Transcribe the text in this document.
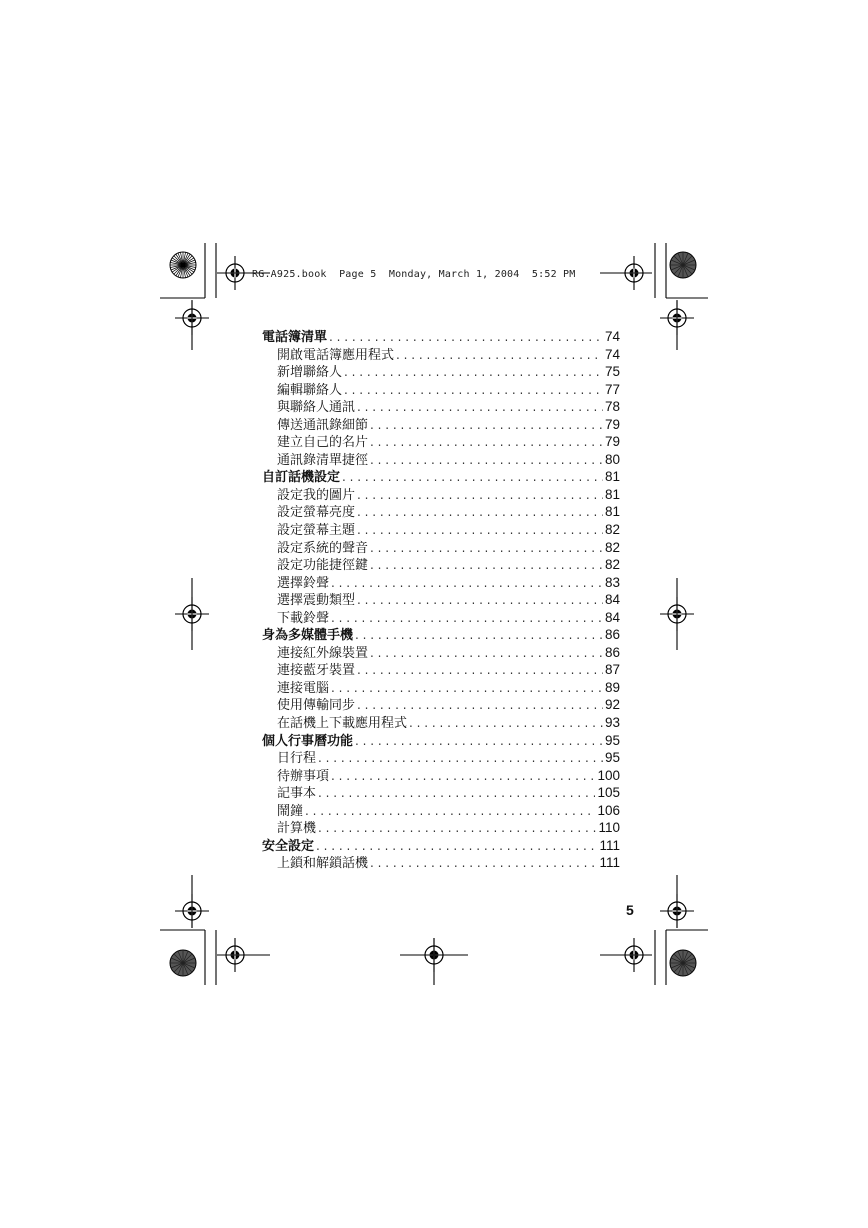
RG.A925.book  Page 5  Monday, March 1, 2004  5:52 PM
電話簿清單 . . .	74
開啟電話簿應用程式 . . .	74
新增聯絡人 . . .	75
編輯聯絡人 . . .	77
與聯絡人通訊 . . .	78
傳送通訊錄細節 . . .	79
建立自己的名片 . . .	79
通訊錄清單捷徑 . . .	80
自訂話機設定 . . .	81
設定我的圖片 . . .	81
設定螢幕亮度 . . .	81
設定螢幕主題 . . .	82
設定系統的聲音 . . .	82
設定功能捷徑鍵 . . .	82
選擇鈴聲 . . .	83
選擇震動類型 . . .	84
下載鈴聲 . . .	84
身為多媒體手機 . . .	86
連接紅外線裝置 . . .	86
連接藍牙裝置 . . .	87
連接電腦 . . .	89
使用傳輸同步 . . .	92
在話機上下載應用程式 . . .	93
個人行事曆功能 . . .	95
日行程 . . .	95
待辦事項 . . .	100
記事本 . . .	105
鬧鐘 . . .	106
計算機 . . .	110
安全設定 . . .	111
上鎖和解鎖話機 . . .	111
5
